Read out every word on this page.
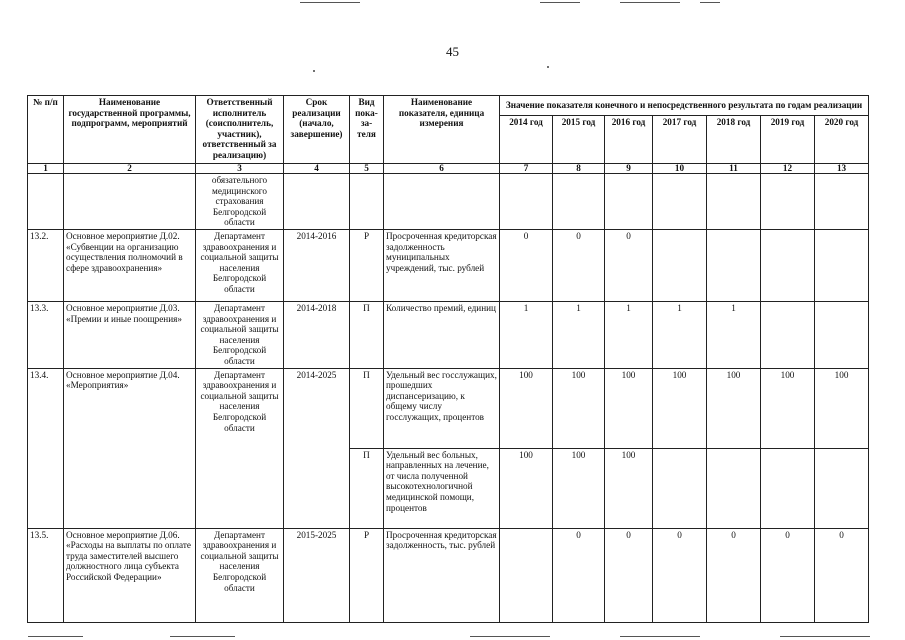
45
№ п/п	Наименование государственной программы, подпрограмм, мероприятий	Ответственный исполнитель (соисполнитель, участник), ответственный за реализацию)	Срок реализации (начало, завершение)	Вид пока-за-теля	Наименование показателя, единица измерения	Значение показателя конечного и непосредственного результата по годам реализации						
						2014 год	2015 год	2016 год	2017 год	2018 год	2019 год	2020 год
1	2	3	4	5	6	7	8	9	10	11	12	13
		обязательного медицинского страхования Белгородской области										
13.2.	Основное мероприятие Д.02. «Субвенции на организацию осуществления полномочий в сфере здравоохранения»	Департамент здравоохранения и социальной защиты населения Белгородской области	2014-2016	Р	Просроченная кредиторская задолженность муниципальных учреждений, тыс. рублей	0	0	0				
13.3.	Основное мероприятие Д.03. «Премии и иные поощрения»	Департамент здравоохранения и социальной защиты населения Белгородской области	2014-2018	П	Количество премий, единиц	1	1	1	1	1		
13.4.	Основное мероприятие Д.04. «Мероприятия»	Департамент здравоохранения и социальной защиты населения Белгородской области	2014-2025	П	Удельный вес госслужащих, прошедших диспансеризацию, к общему числу госслужащих, процентов	100	100	100	100	100	100	100
				П	Удельный вес больных, направленных на лечение, от числа полученной высокотехнологичной медицинской помощи, процентов	100	100	100				
13.5.	Основное мероприятие Д.06. «Расходы на выплаты по оплате труда заместителей высшего должностного лица субъекта Российской Федерации»	Департамент здравоохранения и социальной защиты населения Белгородской области	2015-2025	Р	Просроченная кредиторская задолженность, тыс. рублей		0	0	0	0	0	0
